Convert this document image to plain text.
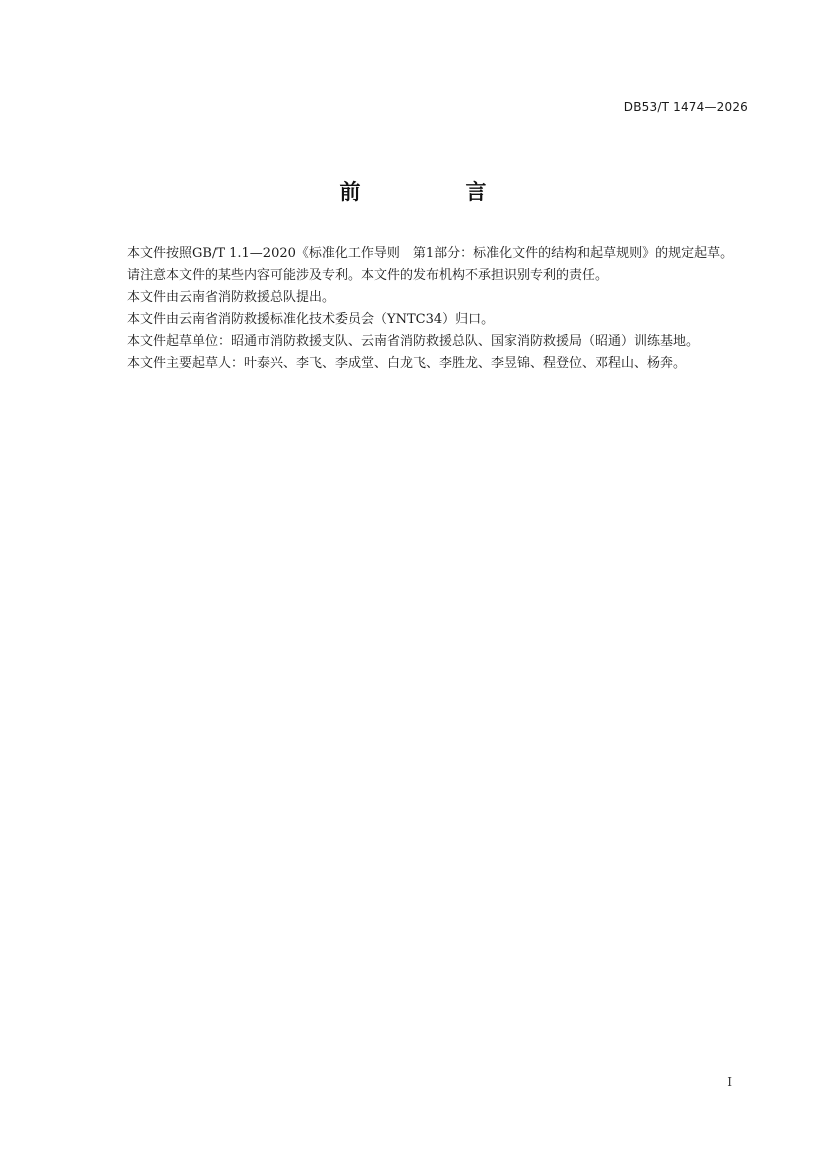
DB53/T 1474—2026
前　言

本文件按照GB/T 1.1—2020《标准化工作导则　第1部分：标准化文件的结构和起草规则》的规定起草。

请注意本文件的某些内容可能涉及专利。本文件的发布机构不承担识别专利的责任。

本文件由云南省消防救援总队提出。

本文件由云南省消防救援标准化技术委员会（YNTC34）归口。

本文件起草单位：昭通市消防救援支队、云南省消防救援总队、国家消防救援局（昭通）训练基地。

本文件主要起草人：叶泰兴、李飞、李成堂、白龙飞、李胜龙、李昱锦、程登位、邓程山、杨奔。

I
